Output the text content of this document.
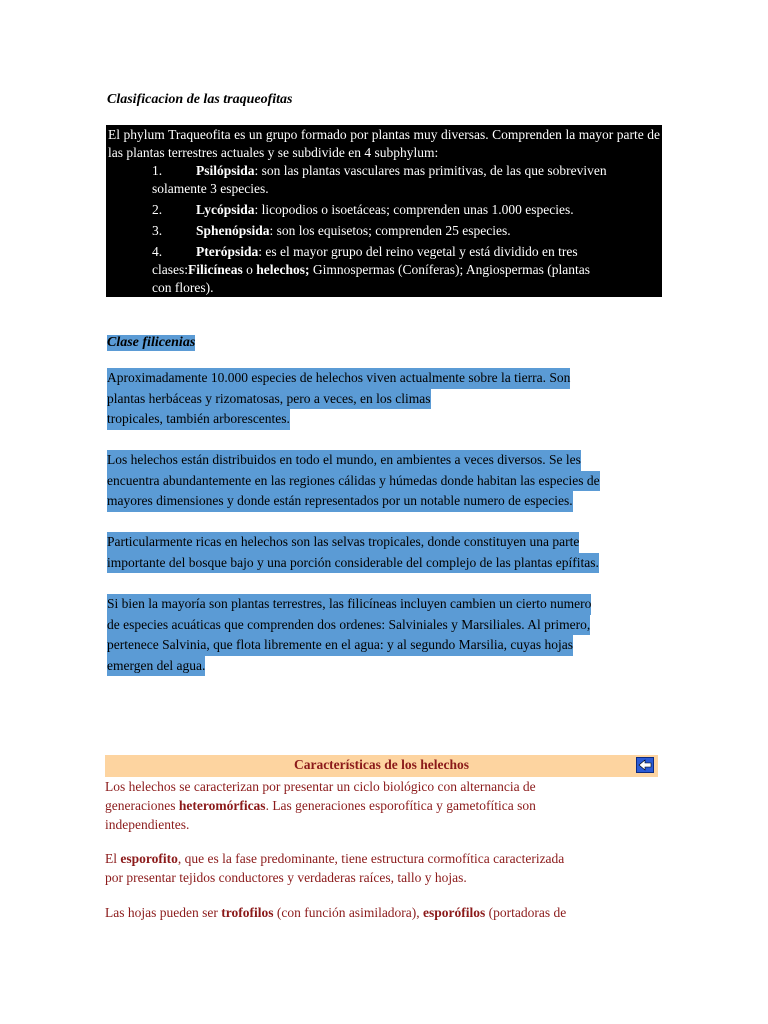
Clasificacion de las traqueofitas
El phylum Traqueofita es un grupo formado por plantas muy diversas. Comprenden la mayor parte de las plantas terrestres actuales y se subdivide en 4 subphylum:
1.	Psilópsida: son las plantas vasculares mas primitivas, de las que sobreviven
solamente 3 especies.
2.	Lycópsida: licopodios o isoetáceas; comprenden unas 1.000 especies.
3.	Sphenópsida: son los equisetos; comprenden 25 especies.
4.	Pterópsida: es el mayor grupo del reino vegetal y está dividido en tres
clases:Filicíneas o helechos; Gimnospermas (Coníferas); Angiospermas (plantas
con flores).
Clase filicenias
Aproximadamente 10.000 especies de helechos viven actualmente sobre la tierra. Son
plantas herbáceas y rizomatosas, pero a veces, en los climas
tropicales, también arborescentes.
Los helechos están distribuidos en todo el mundo, en ambientes a veces diversos. Se les
encuentra abundantemente en las regiones cálidas y húmedas donde habitan las especies de
mayores dimensiones y donde están representados por un notable numero de especies.
Particularmente ricas en helechos son las selvas tropicales, donde constituyen una parte
importante del bosque bajo y una porción considerable del complejo de las plantas epífitas.
Si bien la mayoría son plantas terrestres, las filicíneas incluyen cambien un cierto numero
de especies acuáticas que comprenden dos ordenes: Salviniales y Marsiliales. Al primero,
pertenece Salvinia, que flota libremente en el agua: y al segundo Marsilia, cuyas hojas
emergen del agua.
Características de los helechos
Los helechos se caracterizan por presentar un ciclo biológico con alternancia de
generaciones heteromórficas. Las generaciones esporofítica y gametofítica son
independientes.
El esporofito, que es la fase predominante, tiene estructura cormofítica caracterizada
por presentar tejidos conductores y verdaderas raíces, tallo y hojas.
Las hojas pueden ser trofofilos (con función asimiladora), esporófilos (portadoras de
